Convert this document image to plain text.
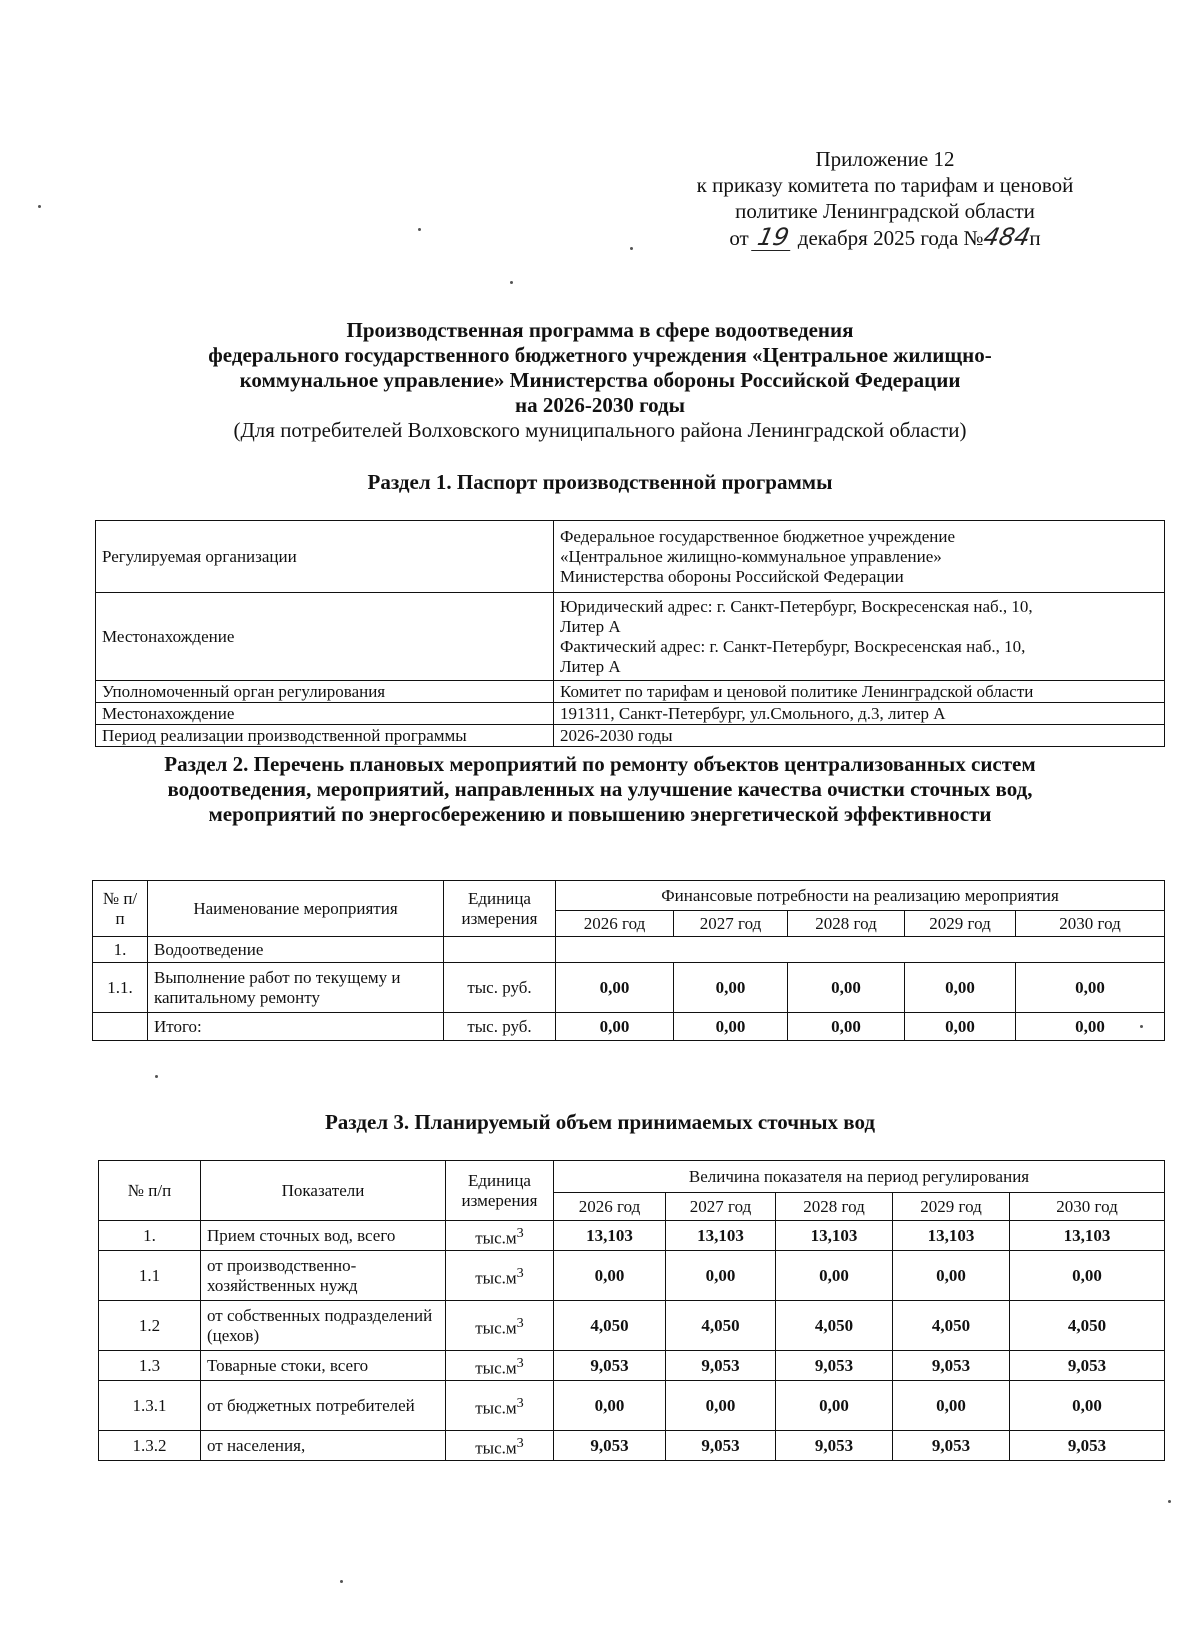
Приложение 12
к приказу комитета по тарифам и ценовой
политике Ленинградской области
от 19 декабря 2025 года №484п
Производственная программа в сфере водоотведения
федерального государственного бюджетного учреждения «Центральное жилищно-
коммунальное управление» Министерства обороны Российской Федерации
на 2026-2030 годы
(Для потребителей Волховского муниципального района Ленинградской области)
Раздел 1. Паспорт производственной программы
Регулируемая организации	Федеральное государственное бюджетное учреждение
«Центральное жилищно-коммунальное управление»
Министерства обороны Российской Федерации

Местонахождение	Юридический адрес: г. Санкт-Петербург, Воскресенская наб., 10,
Литер А
Фактический адрес: г. Санкт-Петербург, Воскресенская наб., 10,
Литер А

Уполномоченный орган регулирования	Комитет по тарифам и ценовой политике Ленинградской области

Местонахождение	191311, Санкт-Петербург, ул.Смольного, д.3, литер А

Период реализации производственной программы	2026-2030 годы
Раздел 2. Перечень плановых мероприятий по ремонту объектов централизованных систем
водоотведения, мероприятий, направленных на улучшение качества очистки сточных вод,
мероприятий по энергосбережению и повышению энергетической эффективности
№ п/п	Наименование мероприятия	Единица измерения	Финансовые потребности на реализацию мероприятия				
			2026 год	2027 год	2028 год	2029 год	2030 год
1.	Водоотведение						
1.1.	Выполнение работ по текущему и капитальному ремонту	тыс. руб.	0,00	0,00	0,00	0,00	0,00
	Итого:	тыс. руб.	0,00	0,00	0,00	0,00	0,00
Раздел 3. Планируемый объем принимаемых сточных вод
№ п/п	Показатели	Единица измерения	Величина показателя на период регулирования				
			2026 год	2027 год	2028 год	2029 год	2030 год
1.	Прием сточных вод, всего	$тыс.м^3$	13,103	13,103	13,103	13,103	13,103
1.1	от производственно-хозяйственных нужд	$тыс.м^3$	0,00	0,00	0,00	0,00	0,00
1.2	от собственных подразделений (цехов)	$тыс.м^3$	4,050	4,050	4,050	4,050	4,050
1.3	Товарные стоки, всего	$тыс.м^3$	9,053	9,053	9,053	9,053	9,053
1.3.1	от бюджетных потребителей	$тыс.м^3$	0,00	0,00	0,00	0,00	0,00
1.3.2	от населения,	$тыс.м^3$	9,053	9,053	9,053	9,053	9,053
